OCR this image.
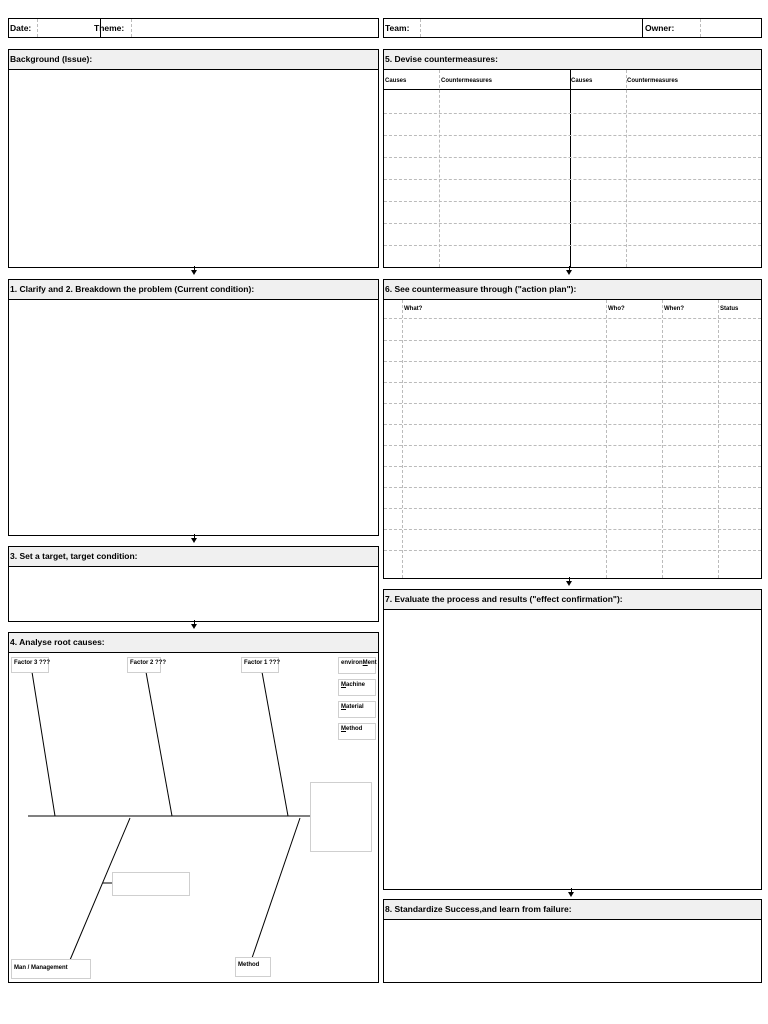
Date:	Theme:	Team:	Owner:
Background (Issue):
1. Clarify and 2. Breakdown the problem (Current condition):
3. Set a target, target condition:
4. Analyse root causes:
Factor 3 ???	Factor 2 ???	Factor 1 ???	environMent
Machine
Material
Method
Man / Management	Method
5. Devise countermeasures:
Causes	Countermeasures	Causes	Countermeasures
6. See countermeasure through ("action plan"):
What?	Who?	When?	Status
7. Evaluate the process and results ("effect confirmation"):
8. Standardize Success,and learn from failure:
